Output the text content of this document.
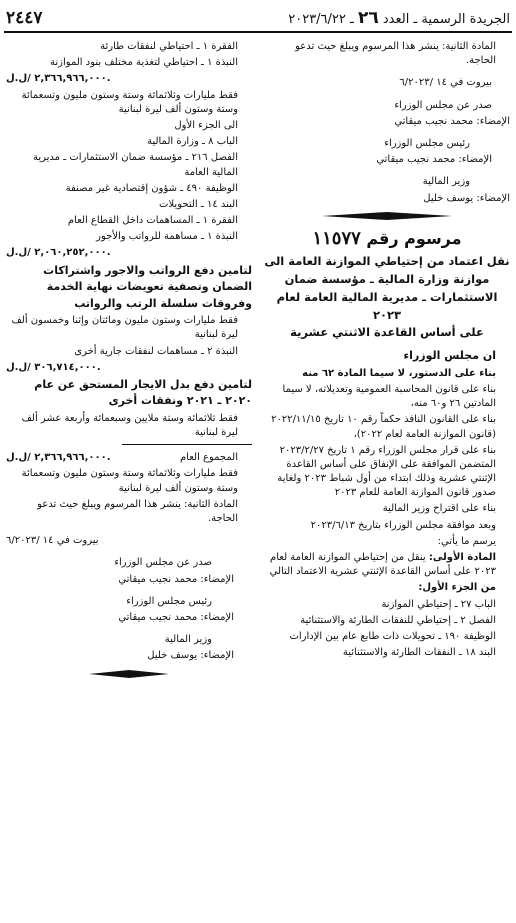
الجريدة الرسمية ـ العدد ٢٦ ـ ٢٠٢٣/٦/٢٢
٢٤٤٧

المادة الثانية: ينشر هذا المرسوم ويبلغ حيث تدعو الحاجة.

بيروت في ١٤ /٦/٢٠٢٣

صدر عن مجلس الوزراء

الإمضاء: محمد نجيب ميقاتي

رئيس مجلس الوزراء

الإمضاء: محمد نجيب ميقاتي

وزير المالية

الإمضاء: يوسف خليل

مرسوم رقم ١١٥٧٧
نقل اعتماد من إحتياطي الموازنة العامة الى موازنة وزارة المالية ـ مؤسسة ضمان الاستثمارات ـ مديرية المالية العامة لعام ٢٠٢٣
على أساس القاعدة الاثنتي عشرية

ان مجلس الوزراء

بناء على الدستور، لا سيما المادة ٦٢ منه

بناء على قانون المحاسبة العمومية وتعديلاته، لا سيما المادتين ٢٦ و٦٠ منه،

بناء على القانون النافذ حكماً رقم ١٠ تاريخ ٢٠٢٢/١١/١٥ (قانون الموازنة العامة لعام ٢٠٢٢)،

بناء على قرار مجلس الوزراء رقم ١ تاريخ ٢٠٢٣/٢/٢٧ المتضمن الموافقة على الإنفاق على أساس القاعدة الإثنتي عشرية وذلك ابتداء من أول شباط ٢٠٢٣ ولغاية صدور قانون الموازنة العامة للعام ٢٠٢٣

بناء على اقتراح وزير المالية

وبعد موافقة مجلس الوزراء بتاريخ ٢٠٢٣/٦/١٣

يرسم ما يأتي:

المادة الأولى: ينقل من إحتياطي الموازنة العامة لعام ٢٠٢٣ على أساس القاعدة الإثنتي عشرية الاعتماد التالي

من الجزء الأول:

الباب ٢٧ ـ إحتياطي الموازنة

الفصل ٢ ـ إحتياطي للنفقات الطارئة والاستثنائية

الوظيفة ١٩٠ ـ تحويلات ذات طابع عام بين الإدارات

البند ١٨ ـ النفقات الطارئة والاستثنائية

الفقرة ١ ـ احتياطي لنفقات طارئة

النبذة ١ ـ احتياطي لتغذية مختلف بنود الموازنة

٢,٣٦٦,٩٦٦,٠٠٠ /ل.ل.

فقط مليارات وثلاثمائة وستة وستون مليون وتسعمائة وستة وستون ألف ليرة لبنانية

الى الجزء الأول

الباب ٨ ـ وزارة المالية

الفصل ٢١٦ ـ مؤسسة ضمان الاستثمارات ـ مديرية المالية العامة

الوظيفة ٤٩٠ ـ شؤون إقتصادية غير مصنفة

البند ١٤ ـ التحويلات

الفقرة ١ ـ المساهمات داخل القطاع العام

النبذة ١ ـ مساهمة للرواتب والأجور

٢,٠٦٠,٢٥٢,٠٠٠ /ل.ل.

لتامين دفع الرواتب والاجور واشتراكات الضمان وتصفية تعويضات نهاية الخدمة وفروقات سلسلة الرتب والرواتب

فقط مليارات وستون مليون ومائتان وإثنا وخمسون ألف ليرة لبنانية

النبذة ٢ ـ مساهمات لنفقات جارية أخرى

٣٠٦,٧١٤,٠٠٠ /ل.ل.

لتامين دفع بدل الايجار المستحق عن عام ٢٠٢٠ ـ ٢٠٢١ ونفقات أخرى

فقط ثلاثمائة وستة ملايين وسبعمائة وأربعة عشر ألف ليرة لبنانية

المجموع العام
٢,٣٦٦,٩٦٦,٠٠٠ /ل.ل.

فقط مليارات وثلاثمائة وستة وستون مليون وتسعمائة وستة وستون ألف ليرة لبنانية

المادة الثانية: ينشر هذا المرسوم ويبلغ حيث تدعو الحاجة.

بيروت في ١٤ /٦/٢٠٢٣

صدر عن مجلس الوزراء

الإمضاء: محمد نجيب ميقاتي

رئيس مجلس الوزراء

الإمضاء: محمد نجيب ميقاتي

وزير المالية

الإمضاء: يوسف خليل
